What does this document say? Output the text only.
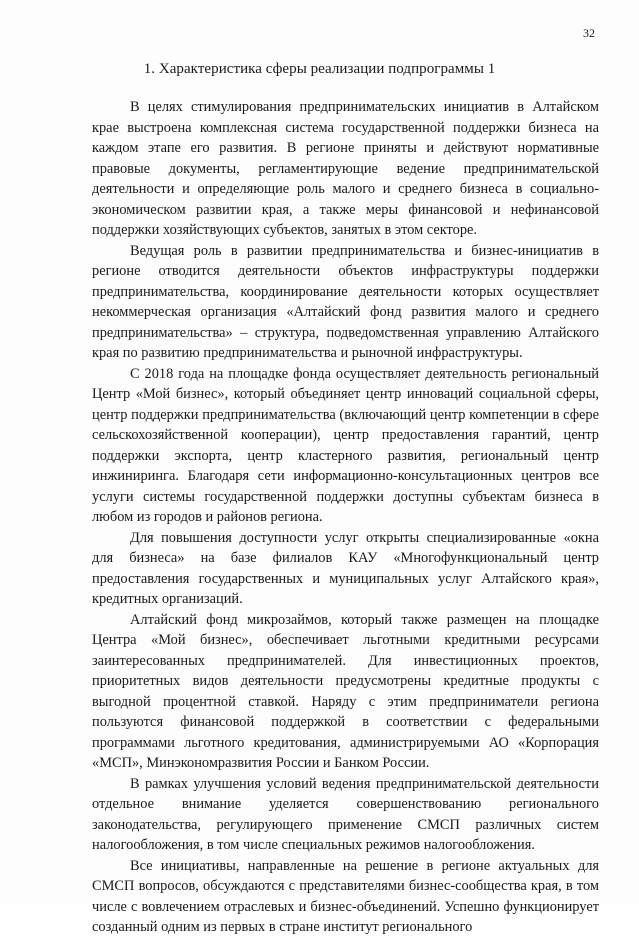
32
1. Характеристика сферы реализации подпрограммы 1

В целях стимулирования предпринимательских инициатив в Алтайском крае выстроена комплексная система государственной поддержки бизнеса на каждом этапе его развития. В регионе приняты и действуют нормативные правовые документы, регламентирующие ведение предпринимательской деятельности и определяющие роль малого и среднего бизнеса в социально-экономическом развитии края, а также меры финансовой и нефинансовой поддержки хозяйствующих субъектов, занятых в этом секторе.

Ведущая роль в развитии предпринимательства и бизнес-инициатив в регионе отводится деятельности объектов инфраструктуры поддержки предпринимательства, координирование деятельности которых осуществляет некоммерческая организация «Алтайский фонд развития малого и среднего предпринимательства» – структура, подведомственная управлению Алтайского края по развитию предпринимательства и рыночной инфраструктуры.

С 2018 года на площадке фонда осуществляет деятельность региональный Центр «Мой бизнес», который объединяет центр инноваций социальной сферы, центр поддержки предпринимательства (включающий центр компетенции в сфере сельскохозяйственной кооперации), центр предоставления гарантий, центр поддержки экспорта, центр кластерного развития, региональный центр инжиниринга. Благодаря сети информационно-консультационных центров все услуги системы государственной поддержки доступны субъектам бизнеса в любом из городов и районов региона.

Для повышения доступности услуг открыты специализированные «окна для бизнеса» на базе филиалов КАУ «Многофункциональный центр предоставления государственных и муниципальных услуг Алтайского края», кредитных организаций.

Алтайский фонд микрозаймов, который также размещен на площадке Центра «Мой бизнес», обеспечивает льготными кредитными ресурсами заинтересованных предпринимателей. Для инвестиционных проектов, приоритетных видов деятельности предусмотрены кредитные продукты с выгодной процентной ставкой. Наряду с этим предприниматели региона пользуются финансовой поддержкой в соответствии с федеральными программами льготного кредитования, администрируемыми АО «Корпорация «МСП», Минэкономразвития России и Банком России.

В рамках улучшения условий ведения предпринимательской деятельности отдельное внимание уделяется совершенствованию регионального законодательства, регулирующего применение СМСП различных систем налогообложения, в том числе специальных режимов налогообложения.

Все инициативы, направленные на решение в регионе актуальных для СМСП вопросов, обсуждаются с представителями бизнес-сообщества края, в том числе с вовлечением отраслевых и бизнес-объединений. Успешно функционирует созданный одним из первых в стране институт регионального
